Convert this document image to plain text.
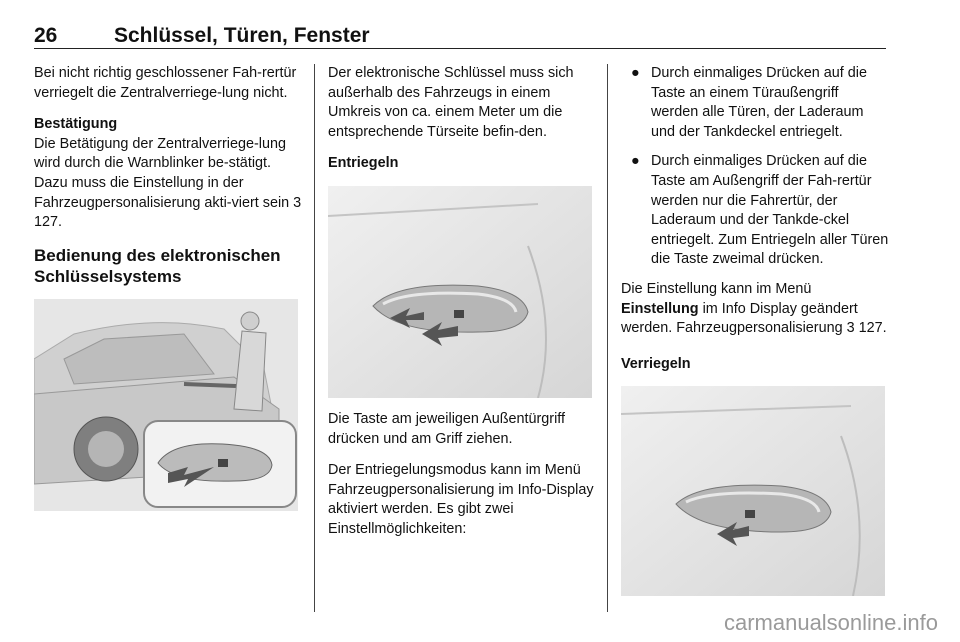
26	Schlüssel, Türen, Fenster

Bei nicht richtig geschlossener Fah-rertür verriegelt die Zentralverriege-lung nicht.

Bestätigung

Die Betätigung der Zentralverriege-lung wird durch die Warnblinker be-stätigt. Dazu muss die Einstellung in der Fahrzeugpersonalisierung akti-viert sein 3 127.

Bedienung des elektronischen Schlüsselsystems

Der elektronische Schlüssel muss sich außerhalb des Fahrzeugs in einem Umkreis von ca. einem Meter um die entsprechende Türseite befin-den.

Entriegeln

Die Taste am jeweiligen Außentürgriff drücken und am Griff ziehen.

Der Entriegelungsmodus kann im Menü Fahrzeugpersonalisierung im Info-Display aktiviert werden. Es gibt zwei Einstellmöglichkeiten:

● Durch einmaliges Drücken auf die Taste an einem Türaußengriff werden alle Türen, der Laderaum und der Tankdeckel entriegelt.
● Durch einmaliges Drücken auf die Taste am Außengriff der Fah-rertür werden nur die Fahrertür, der Laderaum und der Tankde-ckel entriegelt. Zum Entriegeln aller Türen die Taste zweimal drücken.

Die Einstellung kann im Menü Einstellung im Info Display geändert werden. Fahrzeugpersonalisierung 3 127.

Verriegeln

carmanualsonline.info
